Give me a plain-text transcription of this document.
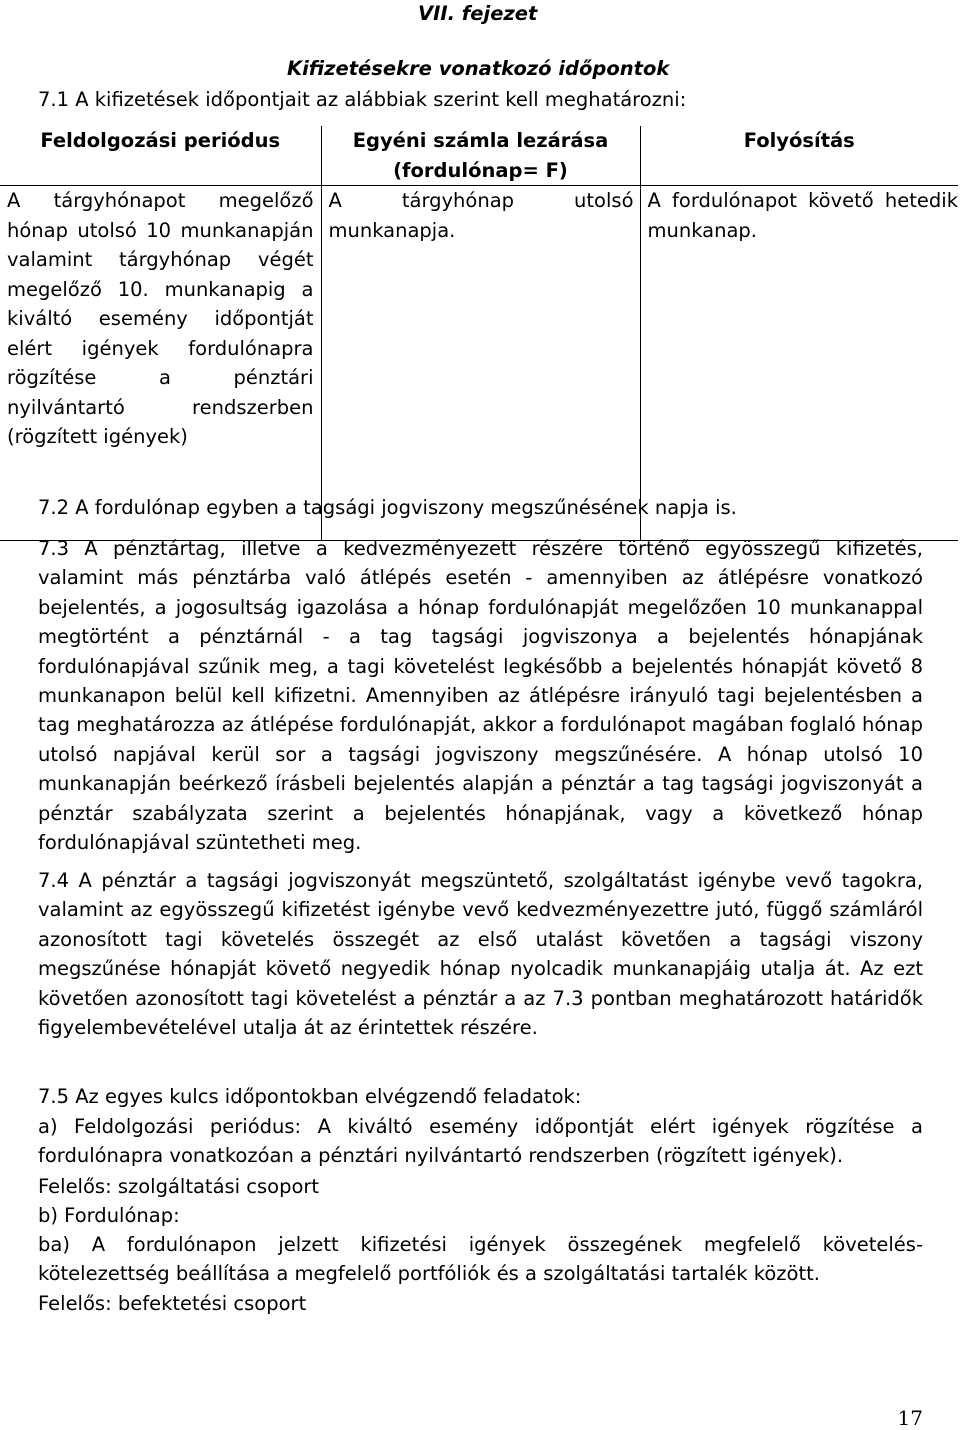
VII. fejezet
Kifizetésekre vonatkozó időpontok
7.1 A kifizetések időpontjait az alábbiak szerint kell meghatározni:
Feldolgozási periódus	Egyéni számla lezárása (fordulónap= F)	Folyósítás
A tárgyhónapot megelőző hónap utolsó 10 munkanapján valamint tárgyhónap végét megelőző 10. munkanapig a kiváltó esemény időpontját elért igények fordulónapra rögzítése a pénztári nyilvántartó rendszerben (rögzített igények)	A tárgyhónap utolsó munkanapja.	A fordulónapot követő hetedik munkanap.
7.2 A fordulónap egyben a tagsági jogviszony megszűnésének napja is.
7.3 A pénztártag, illetve a kedvezményezett részére történő egyösszegű kifizetés, valamint más pénztárba való átlépés esetén - amennyiben az átlépésre vonatkozó bejelentés, a jogosultság igazolása a hónap fordulónapját megelőzően 10 munkanappal megtörtént a pénztárnál - a tag tagsági jogviszonya a bejelentés hónapjának fordulónapjával szűnik meg, a tagi követelést legkésőbb a bejelentés hónapját követő 8 munkanapon belül kell kifizetni. Amennyiben az átlépésre irányuló tagi bejelentésben a tag meghatározza az átlépése fordulónapját, akkor a fordulónapot magában foglaló hónap utolsó napjával kerül sor a tagsági jogviszony megszűnésére. A hónap utolsó 10 munkanapján beérkező írásbeli bejelentés alapján a pénztár a tag tagsági jogviszonyát a pénztár szabályzata szerint a bejelentés hónapjának, vagy a következő hónap fordulónapjával szüntetheti meg.
7.4 A pénztár a tagsági jogviszonyát megszüntető, szolgáltatást igénybe vevő tagokra, valamint az egyösszegű kifizetést igénybe vevő kedvezményezettre jutó, függő számláról azonosított tagi követelés összegét az első utalást követően a tagsági viszony megszűnése hónapját követő negyedik hónap nyolcadik munkanapjáig utalja át. Az ezt követően azonosított tagi követelést a pénztár a az 7.3 pontban meghatározott határidők figyelembevételével utalja át az érintettek részére.
7.5 Az egyes kulcs időpontokban elvégzendő feladatok:
a) Feldolgozási periódus: A kiváltó esemény időpontját elért igények rögzítése a fordulónapra vonatkozóan a pénztári nyilvántartó rendszerben (rögzített igények).
Felelős: szolgáltatási csoport
b) Fordulónap:
ba) A fordulónapon jelzett kifizetési igények összegének megfelelő követelés-kötelezettség beállítása a megfelelő portfóliók és a szolgáltatási tartalék között.
Felelős: befektetési csoport
17
